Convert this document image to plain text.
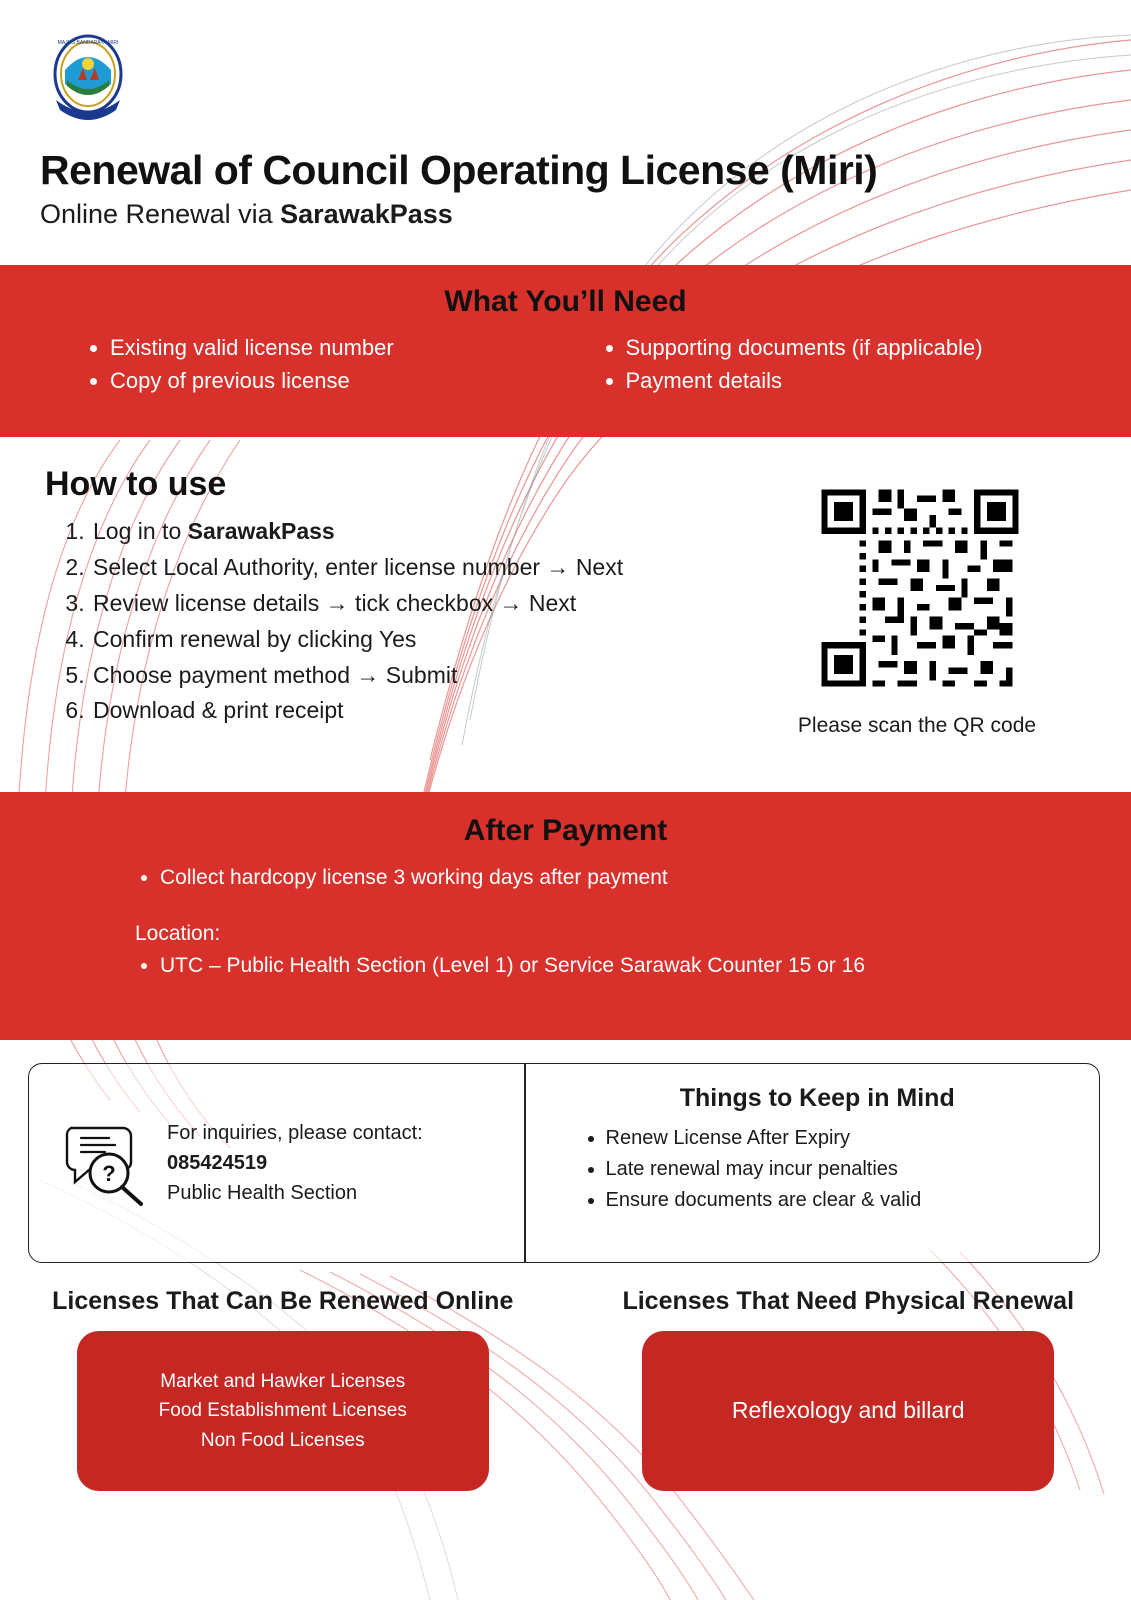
MAJLIS BANDARAYA MIRI
Renewal of Council Operating License (Miri)

Online Renewal via SarawakPass

What You’ll Need
• Existing valid license number
• Copy of previous license
• Supporting documents (if applicable)
• Payment details
How to use
1. Log in to SarawakPass
2. Select Local Authority, enter license number → Next
3. Review license details → tick checkbox → Next
4. Confirm renewal by clicking Yes
5. Choose payment method → Submit
6. Download & print receipt
Please scan the QR code
After Payment
• Collect hardcopy license 3 working days after payment
Location:
• UTC – Public Health Section (Level 1) or Service Sarawak Counter 15 or 16
?
For inquiries, please contact:
085424519
Public Health Section
Things to Keep in Mind
• Renew License After Expiry
• Late renewal may incur penalties
• Ensure documents are clear & valid
Licenses That Can Be Renewed Online
Market and Hawker Licenses
Food Establishment Licenses
Non Food Licenses
Licenses That Need Physical Renewal
Reflexology and billard
